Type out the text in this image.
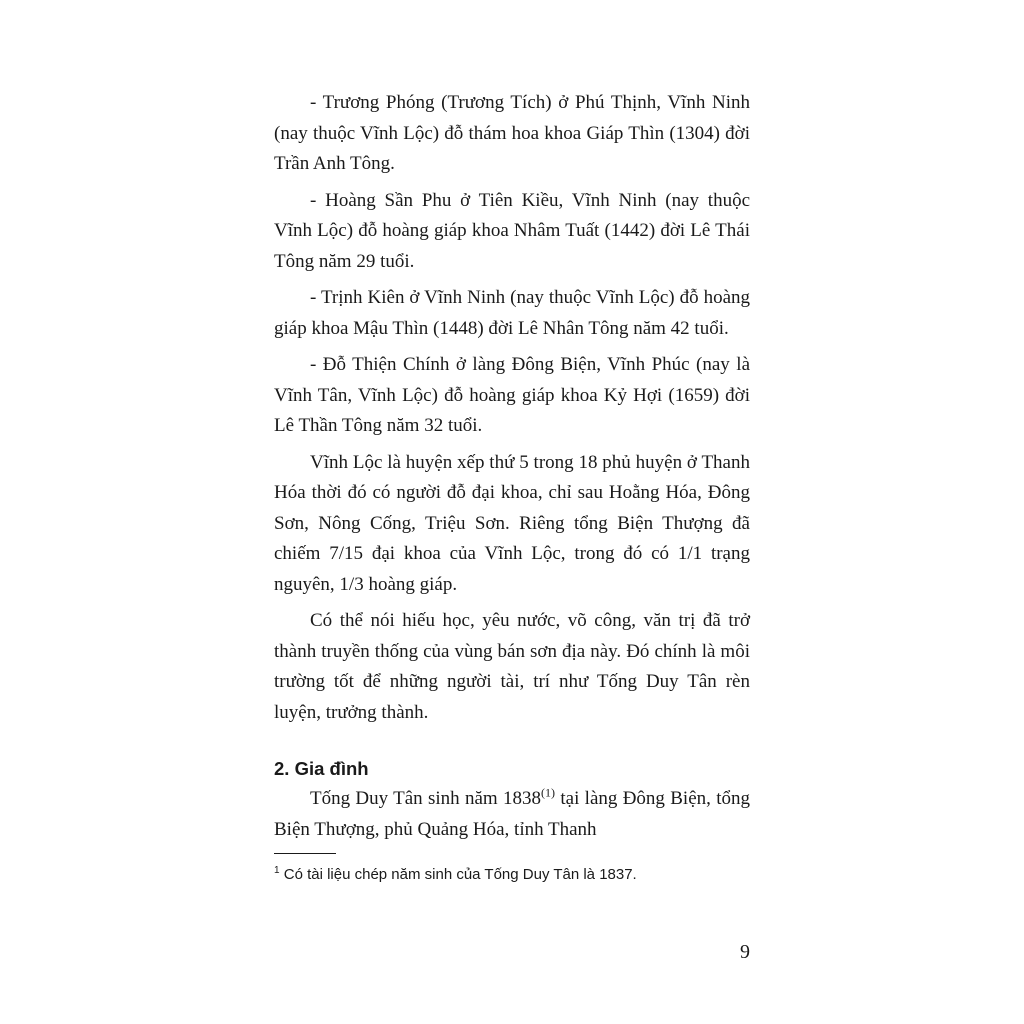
- Trương Phóng (Trương Tích) ở Phú Thịnh, Vĩnh Ninh (nay thuộc Vĩnh Lộc) đỗ thám hoa khoa Giáp Thìn (1304) đời Trần Anh Tông.

- Hoàng Sần Phu ở Tiên Kiều, Vĩnh Ninh (nay thuộc Vĩnh Lộc) đỗ hoàng giáp khoa Nhâm Tuất (1442) đời Lê Thái Tông năm 29 tuổi.

- Trịnh Kiên ở Vĩnh Ninh (nay thuộc Vĩnh Lộc) đỗ hoàng giáp khoa Mậu Thìn (1448) đời Lê Nhân Tông năm 42 tuổi.

- Đỗ Thiện Chính ở làng Đông Biện, Vĩnh Phúc (nay là Vĩnh Tân, Vĩnh Lộc) đỗ hoàng giáp khoa Kỷ Hợi (1659) đời Lê Thần Tông năm 32 tuổi.

Vĩnh Lộc là huyện xếp thứ 5 trong 18 phủ huyện ở Thanh Hóa thời đó có người đỗ đại khoa, chỉ sau Hoằng Hóa, Đông Sơn, Nông Cống, Triệu Sơn. Riêng tổng Biện Thượng đã chiếm 7/15 đại khoa của Vĩnh Lộc, trong đó có 1/1 trạng nguyên, 1/3 hoàng giáp.

Có thể nói hiếu học, yêu nước, võ công, văn trị đã trở thành truyền thống của vùng bán sơn địa này. Đó chính là môi trường tốt để những người tài, trí như Tống Duy Tân rèn luyện, trưởng thành.

2. Gia đình

Tống Duy Tân sinh năm 1838$^{(1)}$ tại làng Đông Biện, tổng Biện Thượng, phủ Quảng Hóa, tỉnh Thanh

$^1$ Có tài liệu chép năm sinh của Tống Duy Tân là 1837.
9
